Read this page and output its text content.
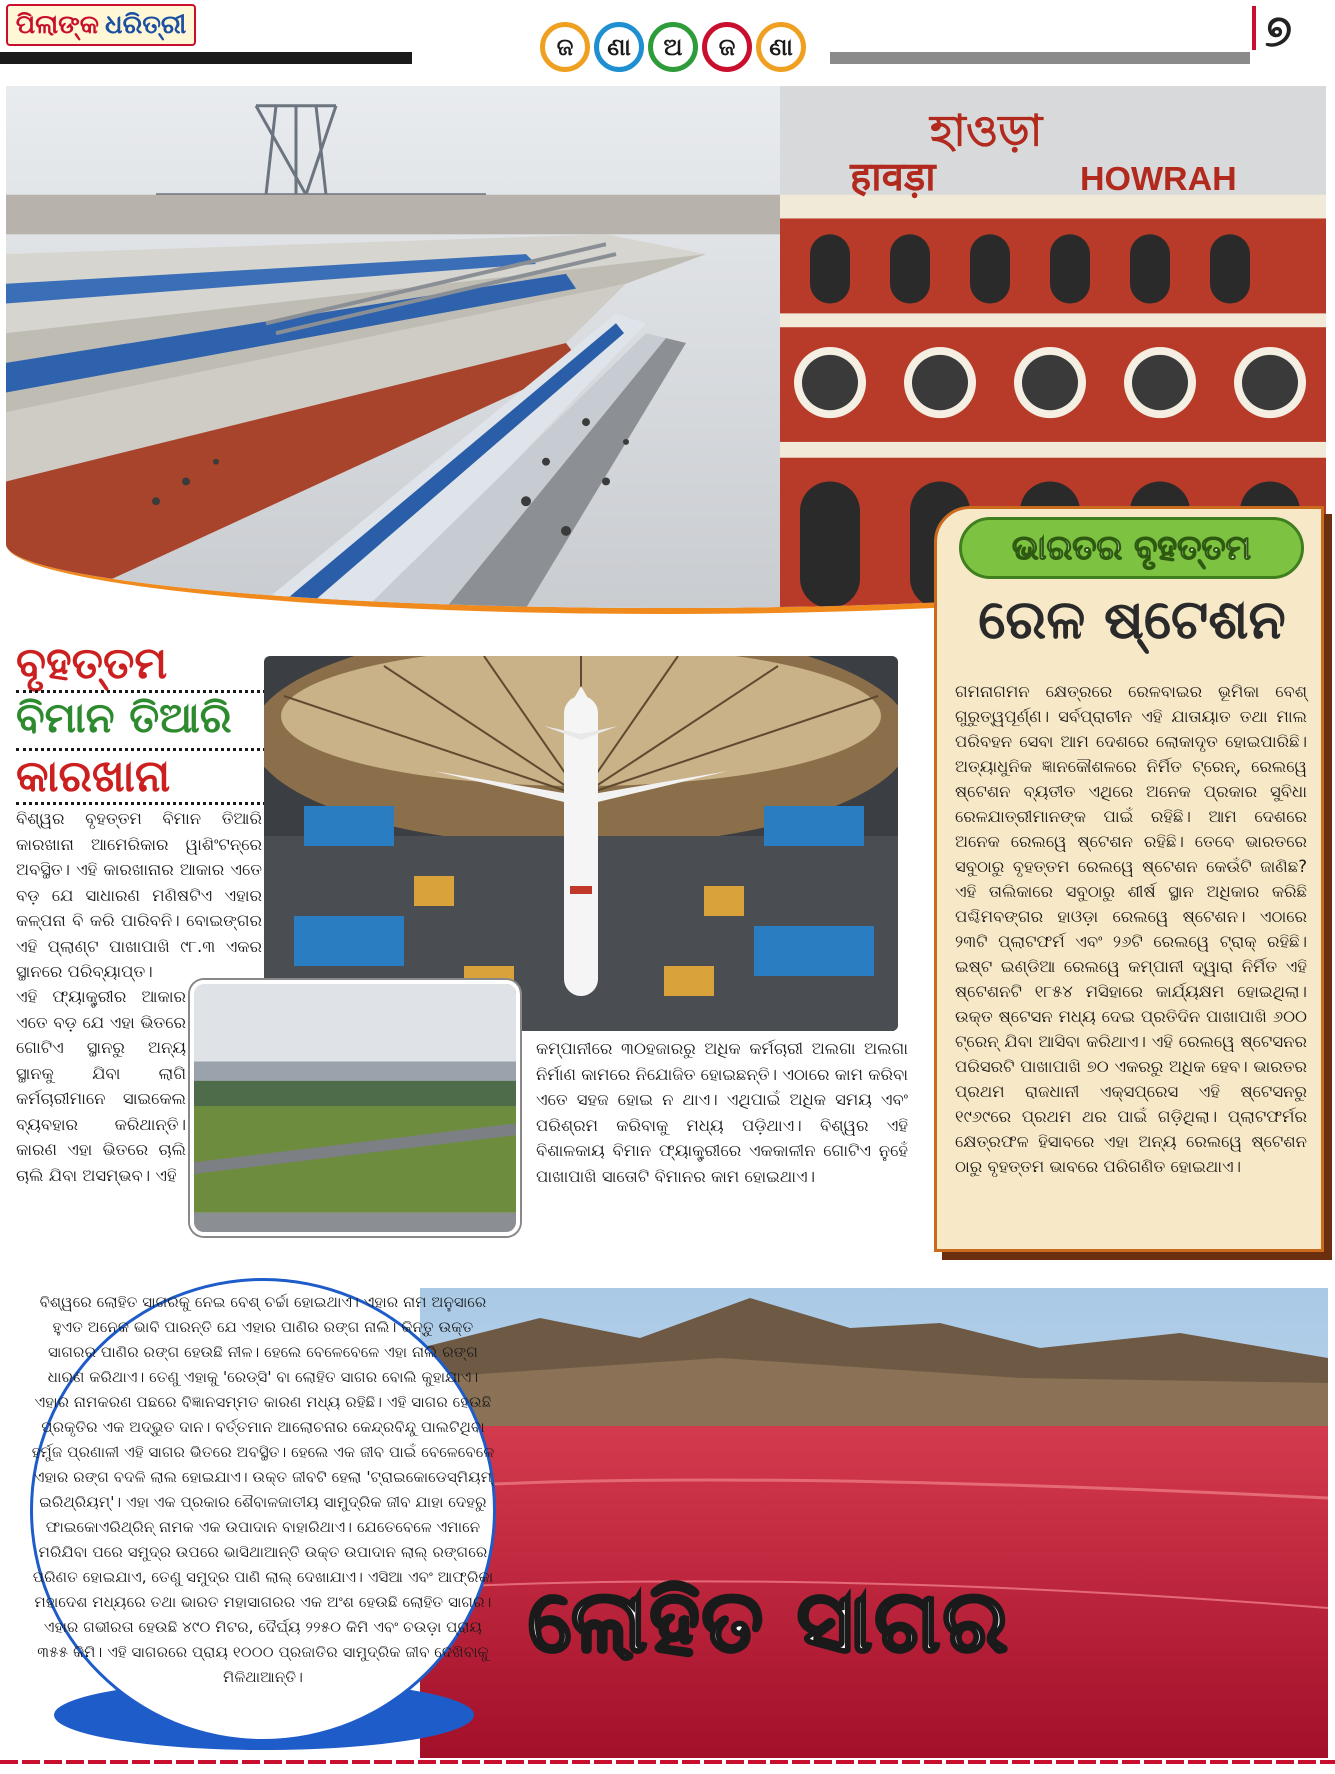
ପିଲାଙ୍କ ଧରିତ୍ରୀ
ଜ	ଣା	ଅ	ଜ	ଣା	୭
হাওড়া
हावड़ा	HOWRAH
ଭାରତର ବୃହତ୍ତମ
ରେଳ ଷ୍ଟେଶନ
ଗମନାଗମନ କ୍ଷେତ୍ରରେ ରେଳବାଇର ଭୂମିକା ବେଶ୍ ଗୁରୁତ୍ୱପୂର୍ଣ୍ଣ। ସର୍ବପ୍ରାଚୀନ ଏହି ଯାତାୟାତ ତଥା ମାଲ ପରିବହନ ସେବା ଆମ ଦେଶରେ ଲୋକାଦୃତ ହୋଇପାରିଛି। ଅତ୍ୟାଧୁନିକ ଜ୍ଞାନକୌଶଳରେ ନିର୍ମିତ ଟ୍ରେନ୍, ରେଲୱେ ଷ୍ଟେଶନ ବ୍ୟତୀତ ଏଥିରେ ଅନେକ ପ୍ରକାର ସୁବିଧା ରେଳଯାତ୍ରୀମାନଙ୍କ ପାଇଁ ରହିଛି। ଆମ ଦେଶରେ ଅନେକ ରେଲୱେ ଷ୍ଟେଶନ ରହିଛି। ତେବେ ଭାରତରେ ସବୁଠାରୁ ବୃହତ୍ତମ ରେଲୱେ ଷ୍ଟେଶନ କେଉଁଟି ଜାଣିଛ? ଏହି ତାଲିକାରେ ସବୁଠାରୁ ଶୀର୍ଷ ସ୍ଥାନ ଅଧିକାର କରିଛି ପଶ୍ଚିମବଙ୍ଗର ହାଓଡ଼ା ରେଲୱେ ଷ୍ଟେଶନ। ଏଠାରେ ୨୩ଟି ପ୍ଲାଟଫର୍ମ ଏବଂ ୨୬ଟି ରେଲୱେ ଟ୍ରାକ୍ ରହିଛି। ଇଷ୍ଟ ଇଣ୍ଡିଆ ରେଲୱେ କମ୍ପାନୀ ଦ୍ୱାରା ନିର୍ମିତ ଏହି ଷ୍ଟେଶନଟି ୧୮୫୪ ମସିହାରେ କାର୍ଯ୍ୟକ୍ଷମ ହୋଇଥିଲା। ଉକ୍ତ ଷ୍ଟେସନ ମଧ୍ୟ ଦେଇ ପ୍ରତିଦିନ ପାଖାପାଖି ୬୦୦ ଟ୍ରେନ୍ ଯିବା ଆସିବା କରିଥାଏ। ଏହି ରେଲୱେ ଷ୍ଟେସନର ପରିସରଟି ପାଖାପାଖି ୭୦ ଏକରରୁ ଅଧିକ ହେବ। ଭାରତର ପ୍ରଥମ ରାଜଧାନୀ ଏକ୍ସପ୍ରେସ ଏହି ଷ୍ଟେସନରୁ ୧୯୬୯ରେ ପ୍ରଥମ ଥର ପାଇଁ ଗଡ଼ିଥିଲା। ପ୍ଲାଟଫର୍ମର କ୍ଷେତ୍ରଫଳ ହିସାବରେ ଏହା ଅନ୍ୟ ରେଲୱେ ଷ୍ଟେଶନ ଠାରୁ ବୃହତ୍ତମ ଭାବରେ ପରିଗଣିତ ହୋଇଥାଏ।
ବୃହତ୍ତମ
ବିମାନ ତିଆରି
କାରଖାନା
ବିଶ୍ୱର ବୃହତ୍ତମ ବିମାନ ତିଆରି କାରଖାନା ଆମେରିକାର ୱାଶିଂଟନ୍‌ରେ ଅବସ୍ଥିତ। ଏହି କାରଖାନାର ଆକାର ଏତେ ବଡ଼ ଯେ ସାଧାରଣ ମଣିଷଟିଏ ଏହାର କଳ୍ପନା ବି କରି ପାରିବନି। ବୋଇଙ୍ଗର ଏହି ପ୍ଲାଣ୍ଟ ପାଖାପାଖି ୯୮.୩ ଏକର ସ୍ଥାନରେ ପରିବ୍ୟାପ୍ତ।
ଏହି ଫ୍ୟାକ୍ଟ୍ରୀର ଆକାର ଏତେ ବଡ଼ ଯେ ଏହା ଭିତରେ ଗୋଟିଏ ସ୍ଥାନରୁ ଅନ୍ୟ ସ୍ଥାନକୁ ଯିବା ଲାଗି କର୍ମଚାରୀମାନେ ସାଇକେଲ ବ୍ୟବହାର କରିଥାନ୍ତି। କାରଣ ଏହା ଭିତରେ ଚାଲି ଚାଲି ଯିବା ଅସମ୍ଭବ। ଏହି
କମ୍ପାନୀରେ ୩୦ହଜାରରୁ ଅଧିକ କର୍ମଚାରୀ ଅଲଗା ଅଲଗା ନିର୍ମାଣ କାମରେ ନିଯୋଜିତ ହୋଇଛନ୍ତି। ଏଠାରେ କାମ କରିବା ଏତେ ସହଜ ହୋଇ ନ ଥାଏ। ଏଥିପାଇଁ ଅଧିକ ସମୟ ଏବଂ ପରିଶ୍ରମ କରିବାକୁ ମଧ୍ୟ ପଡ଼ିଥାଏ। ବିଶ୍ୱର ଏହି ବିଶାଳକାୟ ବିମାନ ଫ୍ୟାକ୍ଟ୍ରୀରେ ଏକକାଳୀନ ଗୋଟିଏ ନୁହେଁ ପାଖାପାଖି ସାତୋଟି ବିମାନର କାମ ହୋଇଥାଏ।
ଲୋହିତ ସାଗର
ବିଶ୍ୱରେ ଲୋହିତ ସାଗରକୁ ନେଇ ବେଶ୍ ଚର୍ଚ୍ଚା ହୋଇଥାଏ। ଏହାର ନାମ ଅନୁସାରେ ହୁଏତ ଅନେକ ଭାବି ପାରନ୍ତି ଯେ ଏହାର ପାଣିର ରଙ୍ଗ ନାଲି। କିନ୍ତୁ ଉକ୍ତ ସାଗରର ପାଣିର ରଙ୍ଗ ହେଉଛି ନୀଳ। ହେଲେ ବେଳେବେଳେ ଏହା ନାଲି ରଙ୍ଗ ଧାରଣ କରିଥାଏ। ତେଣୁ ଏହାକୁ 'ରେଡ୍‌ସି' ବା ଲୋହିତ ସାଗର ବୋଲି କୁହାଯାଏ। ଏହାର ନାମକରଣ ପଛରେ ବିଜ୍ଞାନସମ୍ମତ କାରଣ ମଧ୍ୟ ରହିଛି। ଏହି ସାଗର ହେଉଛି ପ୍ରକୃତିର ଏକ ଅଦ୍ଭୁତ ଦାନ। ବର୍ତ୍ତମାନ ଆଲୋଚନାର କେନ୍ଦ୍ରବିନ୍ଦୁ ପାଲଟିଥିବା ହର୍ମୁଜ ପ୍ରଣାଳୀ ଏହି ସାଗର ଭିତରେ ଅବସ୍ଥିତ। ହେଲେ ଏକ ଜୀବ ପାଇଁ ବେଳେବେଳେ ଏହାର ରଙ୍ଗ ବଦଳି ଲାଲ ହୋଇଯାଏ। ଉକ୍ତ ଜୀବଟି ହେଲା 'ଟ୍ରାଇକୋଡେସ୍ମିୟମ୍ ଇରିଥ୍ରିୟମ୍'। ଏହା ଏକ ପ୍ରକାର ଶୈବାଳଜାତୀୟ ସାମୁଦ୍ରିକ ଜୀବ ଯାହା ଦେହରୁ ଫାଇକୋଏରିଥ୍ରିନ୍ ନାମକ ଏକ ଉପାଦାନ ବାହାରିଥାଏ। ଯେତେବେଳେ ଏମାନେ ମରିଯିବା ପରେ ସମୁଦ୍ର ଉପରେ ଭାସିଥାଆନ୍ତି ଉକ୍ତ ଉପାଦାନ ଲାଲ୍ ରଙ୍ଗରେ ପରିଣତ ହୋଇଯାଏ, ତେଣୁ ସମୁଦ୍ର ପାଣି ଲାଲ୍ ଦେଖାଯାଏ। ଏସିଆ ଏବଂ ଆଫ୍ରିକା ମହାଦେଶ ମଧ୍ୟରେ ତଥା ଭାରତ ମହାସାଗରର ଏକ ଅଂଶ ହେଉଛି ଲୋହିତ ସାଗର। ଏହାର ଗଭୀରତା ହେଉଛି ୪୯୦ ମିଟର, ଦୈର୍ଘ୍ୟ ୨୨୫୦ କିମି ଏବଂ ଚଉଡ଼ା ପ୍ରାୟ ୩୫୫ କିମି। ଏହି ସାଗରରେ ପ୍ରାୟ ୧୦୦୦ ପ୍ରଜାତିର ସାମୁଦ୍ରିକ ଜୀବ ଦେଖିବାକୁ ମିଳିଥାଆନ୍ତି।
